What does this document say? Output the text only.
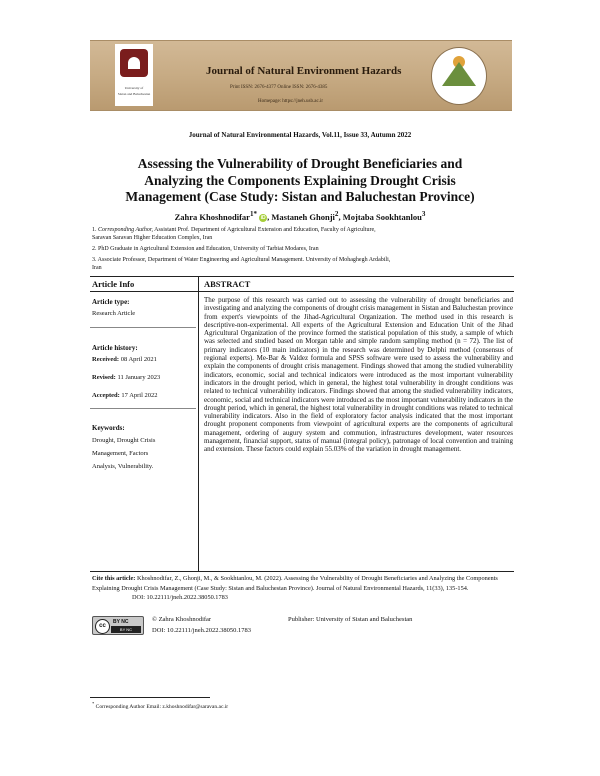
University of
Sistan and Baluchestan
Journal of Natural Environment Hazards
Print ISSN: 2676-4377 Online ISSN: 2676-4385
Homepage: https://jneh.usb.ac.ir
Journal of Natural Environmental Hazards, Vol.11, Issue 33, Autumn 2022
Assessing the Vulnerability of Drought Beneficiaries and
Analyzing the Components Explaining Drought Crisis
Management (Case Study: Sistan and Baluchestan Province)
Zahra Khoshnodifar$^{1*}$ iD , Mastaneh Ghonji$^2$, Mojtaba Sookhtanlou$^3$
1. Corresponding Author, Assistant Prof. Department of Agricultural Extension and Education, Faculty of Agriculture,
Saravan Saravan Higher Education Complex, Iran
2. PhD Graduate in Agricultural Extension and Education, University of Tarbiat Modares, Iran
3. Associate Professor, Department of Water Engineering and Agricultural Management. University of Mohaghegh Ardabili,
Iran
Article Info	ABSTRACT
Article type:
Research Article
Article history:
Received: 08 April 2021
Revised: 11 January 2023
Accepted: 17 April 2022
Keywords:
Drought, Drought Crisis
Management, Factors
Analysis, Vulnerability.
The purpose of this research was carried out to assessing the vulnerability of drought beneficiaries and investigating and analyzing the components of drought crisis management in Sistan and Baluchestan province from expert's viewpoints of the Jihad-Agricultural Organization. The method used in this research is descriptive-non-experimental. All experts of the Agricultural Extension and Education Unit of the Jihad Agricultural Organization of the province formed the statistical population of this study, a sample of which was selected and studied based on Morgan table and simple random sampling method (n = 72). The list of primary indicators (10 main indicators) in the research was determined by Delphi method (consensus of regional experts). Me-Bar & Valdez formula and SPSS software were used to assess the vulnerability and explain the components of drought crisis management. Findings showed that among the studied vulnerability indicators, economic, social and technical indicators were introduced as the most important vulnerability indicators in the drought period, which in general, the highest total vulnerability in drought conditions was related to technical vulnerability indicators. Findings showed that among the studied vulnerability indicators, economic, social and technical indicators were introduced as the most important vulnerability indicators in the drought period, which in general, the highest total vulnerability in drought conditions was related to technical vulnerability indicators. Also in the field of exploratory factor analysis indicated that the most important drought proponent components from viewpoint of agricultural experts are the components of agricultural management, ordering of augury system and commution, infrastructures development, water resources management, financial support, status of manual (integral policy), patronage of local convention and training and extension. These factors could explain 55.03% of the variation in drought management.
Cite this article: Khoshnodifar, Z., Ghonji, M., & Sookhtanlou, M. (2022). Assessing the Vulnerability of Drought Beneficiaries and Analyzing the Components Explaining Drought Crisis Management (Case Study: Sistan and Baluchestan Province). Journal of Natural Environmental Hazards, 11(33), 135-154.
DOI: 10.22111/jneh.2022.38050.1783
cc
BY NC
BY NC
© Zahra Khoshnodifar	Publisher: University of Sistan and Baluchestan
DOI: 10.22111/jneh.2022.38050.1783
* Corresponding Author Email: z.khoshnodifar@saravan.ac.ir
